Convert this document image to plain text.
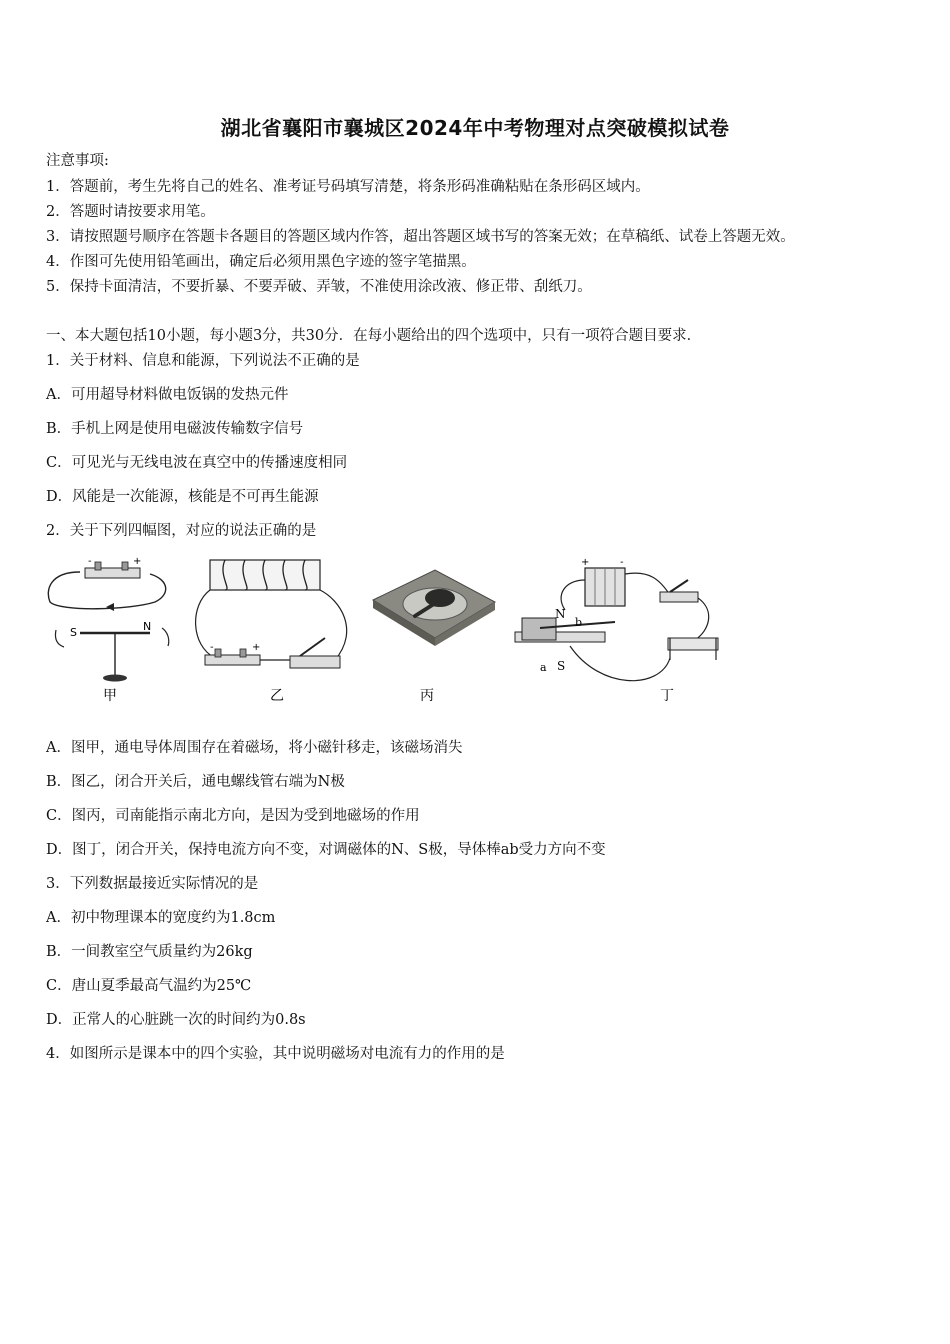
湖北省襄阳市襄城区2024年中考物理对点突破模拟试卷
注意事项:
1．答题前，考生先将自己的姓名、准考证号码填写清楚，将条形码准确粘贴在条形码区域内。
2．答题时请按要求用笔。
3．请按照题号顺序在答题卡各题目的答题区域内作答，超出答题区域书写的答案无效；在草稿纸、试卷上答题无效。
4．作图可先使用铅笔画出，确定后必须用黑色字迹的签字笔描黑。
5．保持卡面清洁，不要折暴、不要弄破、弄皱，不准使用涂改液、修正带、刮纸刀。
一、本大题包括10小题，每小题3分，共30分．在每小题给出的四个选项中，只有一项符合题目要求．
1．关于材料、信息和能源，下列说法不正确的是
A．可用超导材料做电饭锅的发热元件
B．手机上网是使用电磁波传输数字信号
C．可见光与无线电波在真空中的传播速度相同
D．风能是一次能源，核能是不可再生能源
2．关于下列四幅图，对应的说法正确的是
-	+
S	N
甲
-	+
乙	丙
+	-
N
S
a
b
丁
A．图甲，通电导体周围存在着磁场，将小磁针移走，该磁场消失
B．图乙，闭合开关后，通电螺线管右端为N极
C．图丙，司南能指示南北方向，是因为受到地磁场的作用
D．图丁，闭合开关，保持电流方向不变，对调磁体的N、S极，导体棒ab受力方向不变
3．下列数据最接近实际情况的是
A．初中物理课本的宽度约为1.8cm
B．一间教室空气质量约为26kg
C．唐山夏季最高气温约为25℃
D．正常人的心脏跳一次的时间约为0.8s
4．如图所示是课本中的四个实验，其中说明磁场对电流有力的作用的是
